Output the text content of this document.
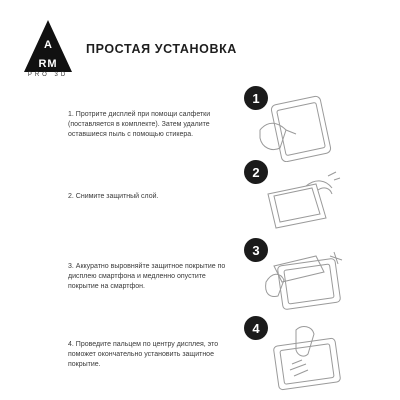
A
RM
PRO 3D
ПРОСТАЯ УСТАНОВКА
1. Протрите дисплей при помощи салфетки (поставляется в комплекте). Затем удалите оставшиеся пыль с помощью стикера.
1
2. Снимите защитный слой.
2
3. Аккуратно выровняйте защитное покрытие по дисплею смартфона и медленно опустите покрытие на смартфон.
3
4. Проведите пальцем по центру дисплея, это поможет окончательно установить защитное покрытие.
4
